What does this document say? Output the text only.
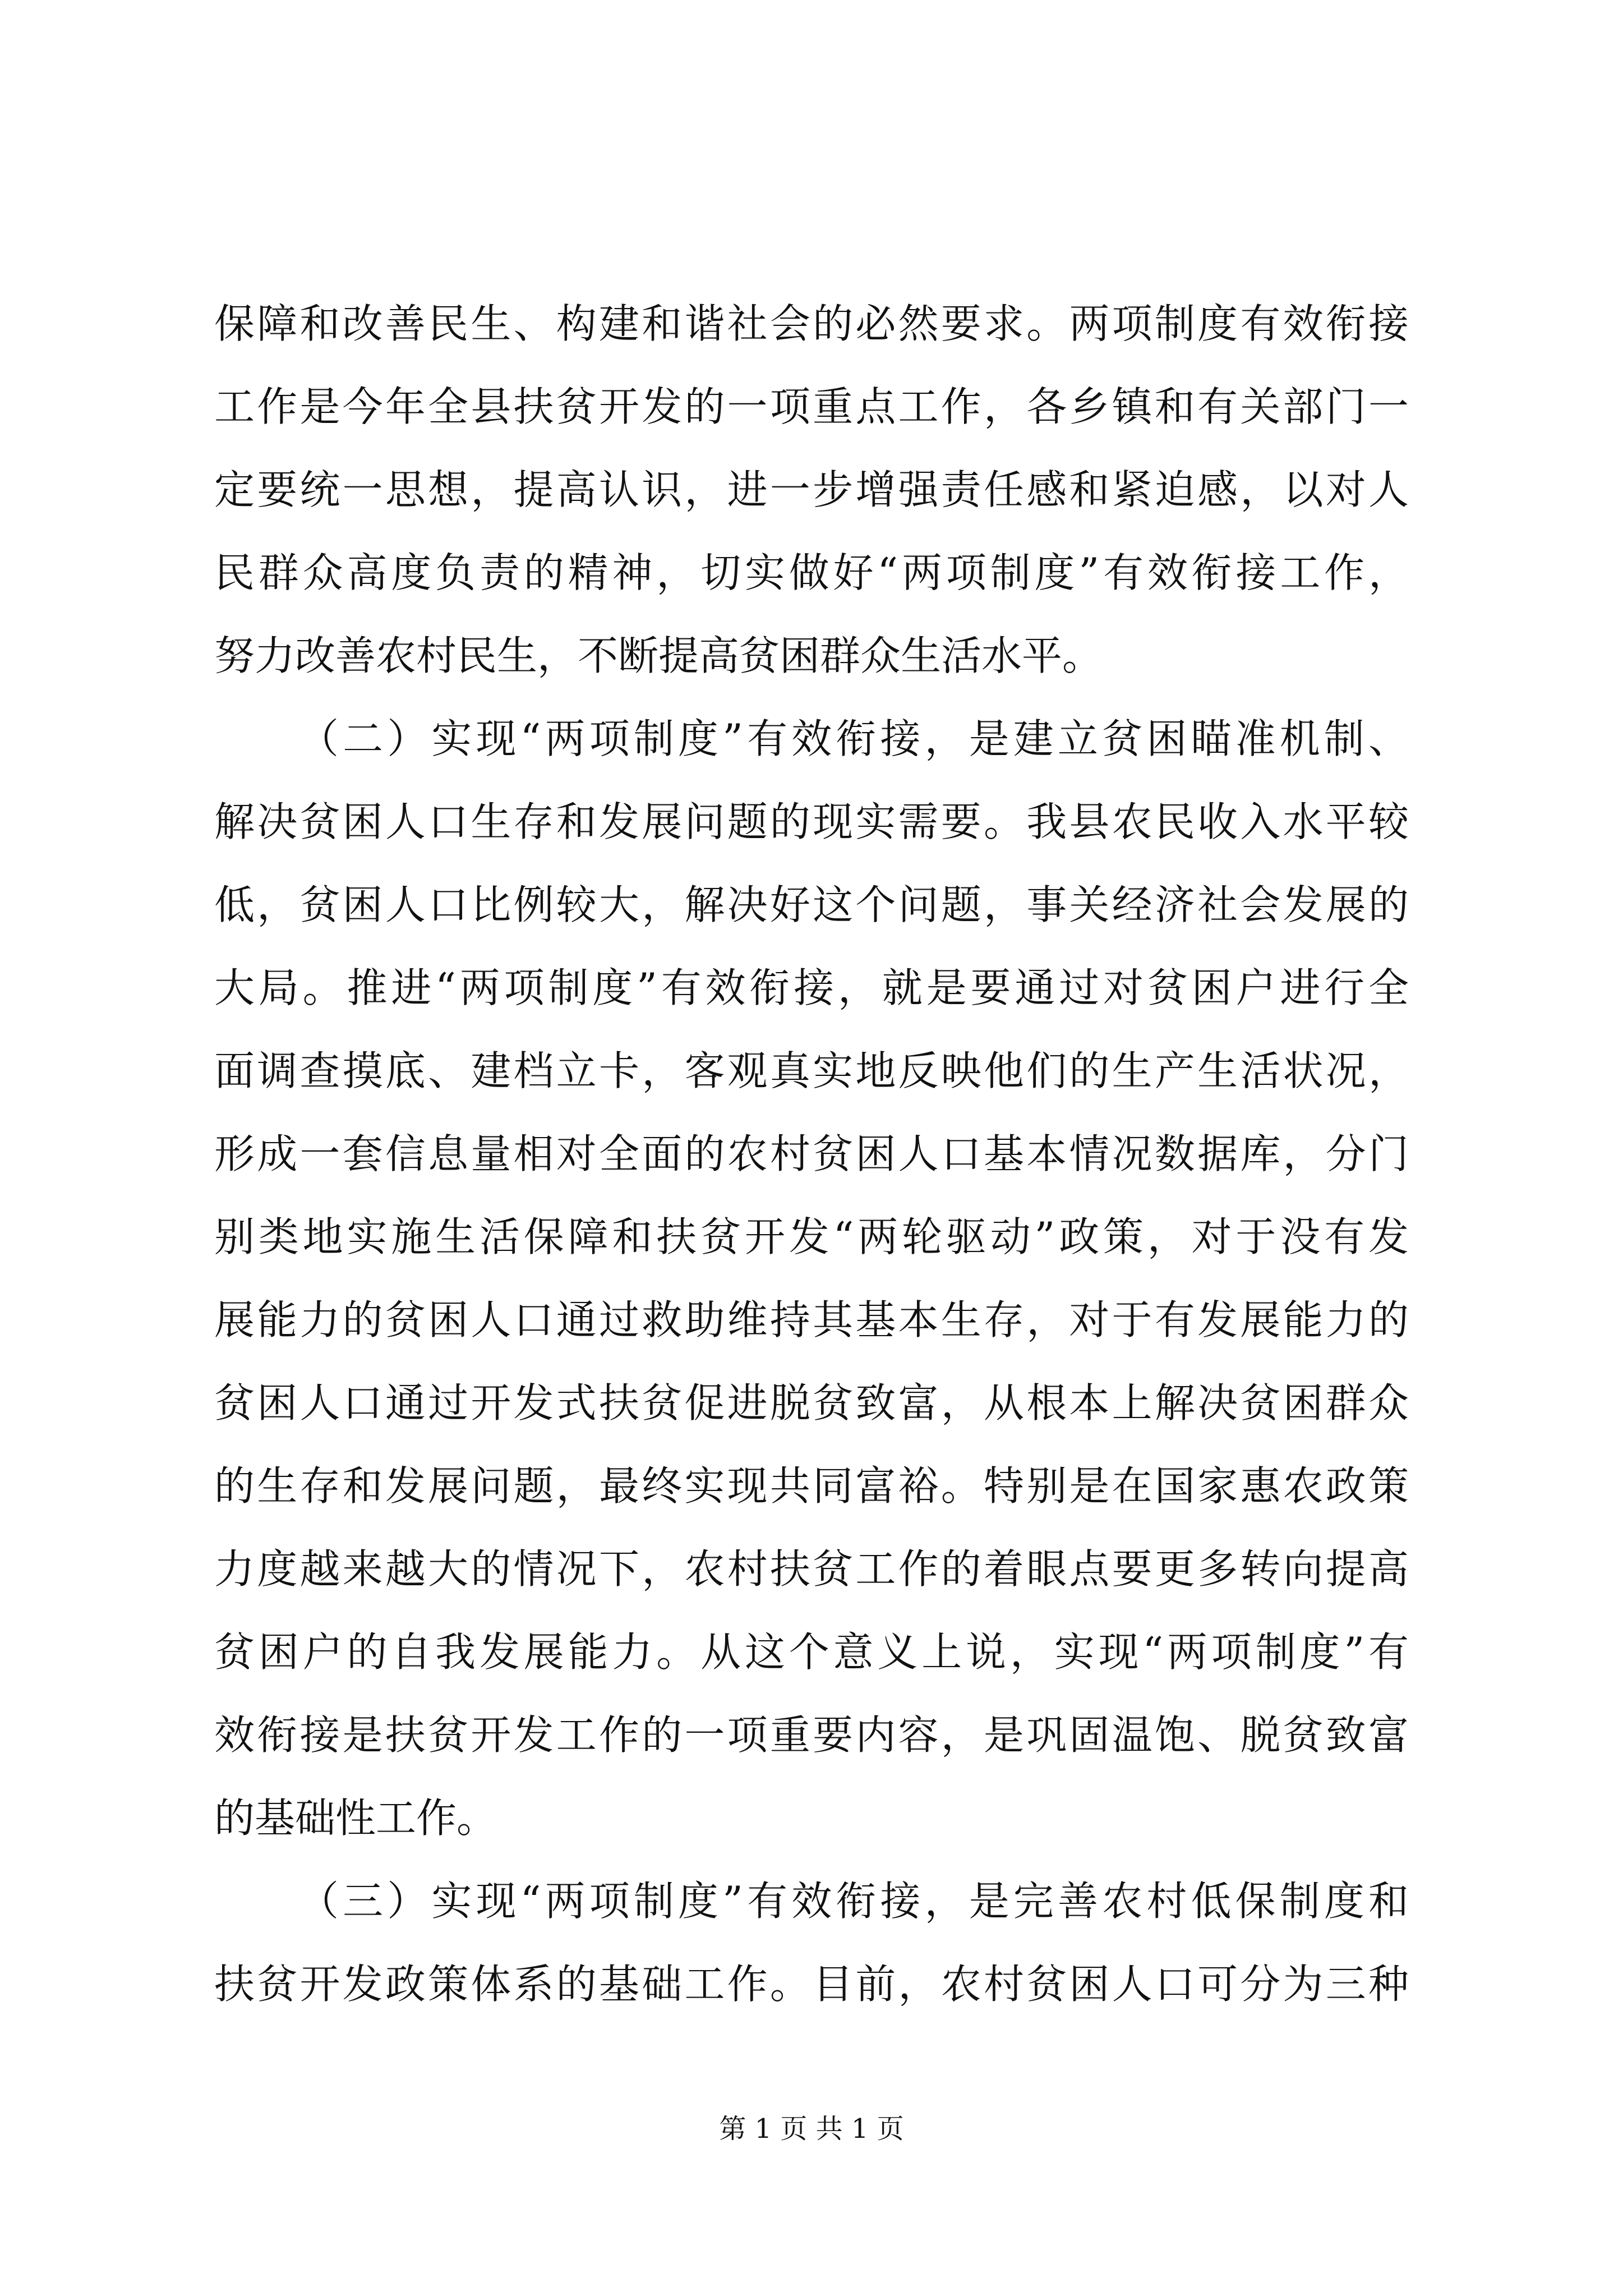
保障和改善民生、构建和谐社会的必然要求。两项制度有效衔接
工作是今年全县扶贫开发的一项重点工作，各乡镇和有关部门一
定要统一思想，提高认识，进一步增强责任感和紧迫感，以对人
民群众高度负责的精神，切实做好“两项制度”有效衔接工作，
努力改善农村民生，不断提高贫困群众生活水平。
（二）实现“两项制度”有效衔接，是建立贫困瞄准机制、
解决贫困人口生存和发展问题的现实需要。我县农民收入水平较
低，贫困人口比例较大，解决好这个问题，事关经济社会发展的
大局。推进“两项制度”有效衔接，就是要通过对贫困户进行全
面调查摸底、建档立卡，客观真实地反映他们的生产生活状况，
形成一套信息量相对全面的农村贫困人口基本情况数据库，分门
别类地实施生活保障和扶贫开发“两轮驱动”政策，对于没有发
展能力的贫困人口通过救助维持其基本生存，对于有发展能力的
贫困人口通过开发式扶贫促进脱贫致富，从根本上解决贫困群众
的生存和发展问题，最终实现共同富裕。特别是在国家惠农政策
力度越来越大的情况下，农村扶贫工作的着眼点要更多转向提高
贫困户的自我发展能力。从这个意义上说，实现“两项制度”有
效衔接是扶贫开发工作的一项重要内容，是巩固温饱、脱贫致富
的基础性工作。
（三）实现“两项制度”有效衔接，是完善农村低保制度和
扶贫开发政策体系的基础工作。目前，农村贫困人口可分为三种
第 1 页 共 1 页
